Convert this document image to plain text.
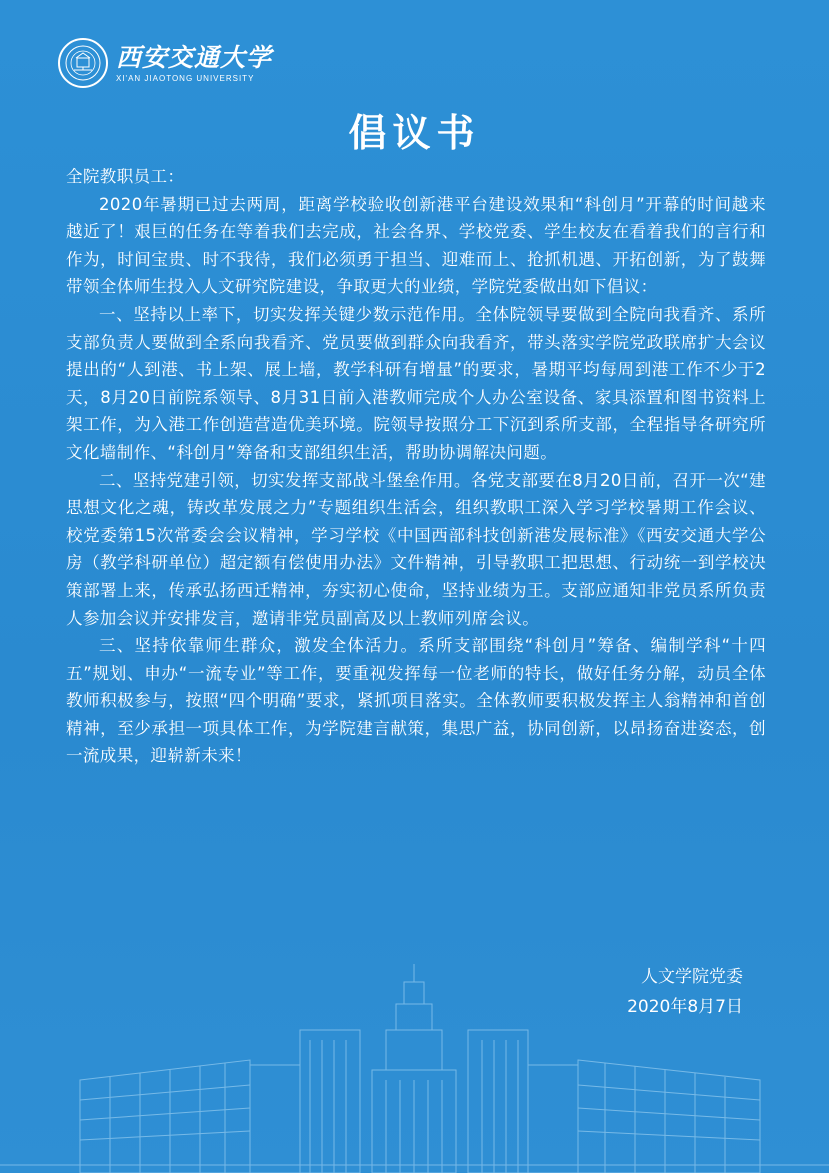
西安交通大学
XI'AN JIAOTONG UNIVERSITY
倡议书

全院教职员工：

2020年暑期已过去两周，距离学校验收创新港平台建设效果和“科创月”开幕的时间越来越近了！艰巨的任务在等着我们去完成，社会各界、学校党委、学生校友在看着我们的言行和作为，时间宝贵、时不我待，我们必须勇于担当、迎难而上、抢抓机遇、开拓创新，为了鼓舞带领全体师生投入人文研究院建设，争取更大的业绩，学院党委做出如下倡议：

一、坚持以上率下，切实发挥关键少数示范作用。全体院领导要做到全院向我看齐、系所支部负责人要做到全系向我看齐、党员要做到群众向我看齐，带头落实学院党政联席扩大会议提出的“人到港、书上架、展上墙，教学科研有增量”的要求，暑期平均每周到港工作不少于2天，8月20日前院系领导、8月31日前入港教师完成个人办公室设备、家具添置和图书资料上架工作，为入港工作创造营造优美环境。院领导按照分工下沉到系所支部，全程指导各研究所文化墙制作、“科创月”筹备和支部组织生活，帮助协调解决问题。

二、坚持党建引领，切实发挥支部战斗堡垒作用。各党支部要在8月20日前，召开一次“建思想文化之魂，铸改革发展之力”专题组织生活会，组织教职工深入学习学校暑期工作会议、校党委第15次常委会会议精神，学习学校《中国西部科技创新港发展标准》《西安交通大学公房（教学科研单位）超定额有偿使用办法》文件精神，引导教职工把思想、行动统一到学校决策部署上来，传承弘扬西迁精神，夯实初心使命，坚持业绩为王。支部应通知非党员系所负责人参加会议并安排发言，邀请非党员副高及以上教师列席会议。

三、坚持依靠师生群众，激发全体活力。系所支部围绕“科创月”筹备、编制学科“十四五”规划、申办“一流专业”等工作，要重视发挥每一位老师的特长，做好任务分解，动员全体教师积极参与，按照“四个明确”要求，紧抓项目落实。全体教师要积极发挥主人翁精神和首创精神，至少承担一项具体工作，为学院建言献策，集思广益，协同创新，以昂扬奋进姿态，创一流成果，迎崭新未来！

人文学院党委
2020年8月7日
